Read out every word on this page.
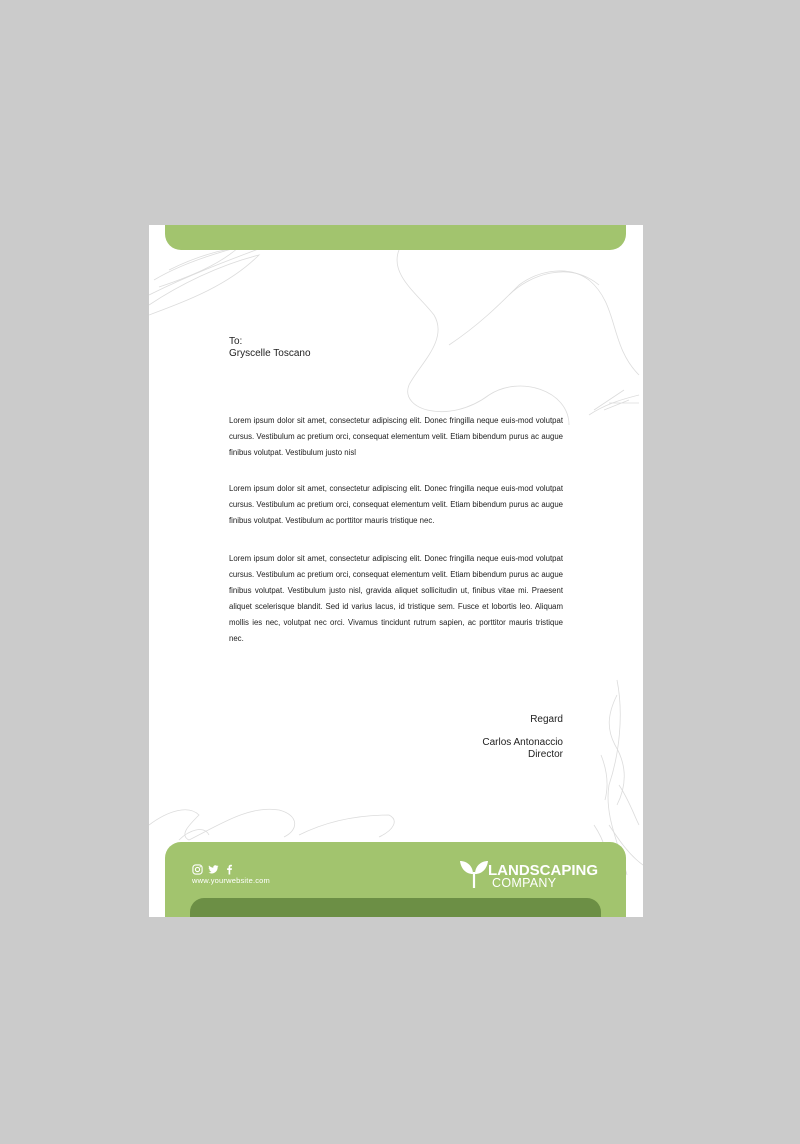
To:
Gryscelle Toscano

Lorem ipsum dolor sit amet, consectetur adipiscing elit. Donec fringilla neque euis-mod volutpat cursus. Vestibulum ac pretium orci, consequat elementum velit. Etiam bibendum purus ac augue finibus volutpat. Vestibulum justo nisl

Lorem ipsum dolor sit amet, consectetur adipiscing elit. Donec fringilla neque euis-mod volutpat cursus. Vestibulum ac pretium orci, consequat elementum velit. Etiam bibendum purus ac augue finibus volutpat. Vestibulum ac porttitor mauris tristique nec.

Lorem ipsum dolor sit amet, consectetur adipiscing elit. Donec fringilla neque euis-mod volutpat cursus. Vestibulum ac pretium orci, consequat elementum velit. Etiam bibendum purus ac augue finibus volutpat. Vestibulum justo nisl, gravida aliquet sollicitudin ut, finibus vitae mi. Praesent aliquet scelerisque blandit. Sed id varius lacus, id tristique sem. Fusce et lobortis leo. Aliquam mollis ies nec, volutpat nec orci. Vivamus tincidunt rutrum sapien, ac porttitor mauris tristique nec.

Regard
Carlos Antonaccio
Director
www.yourwebsite.com
LANDSCAPING
COMPANY
